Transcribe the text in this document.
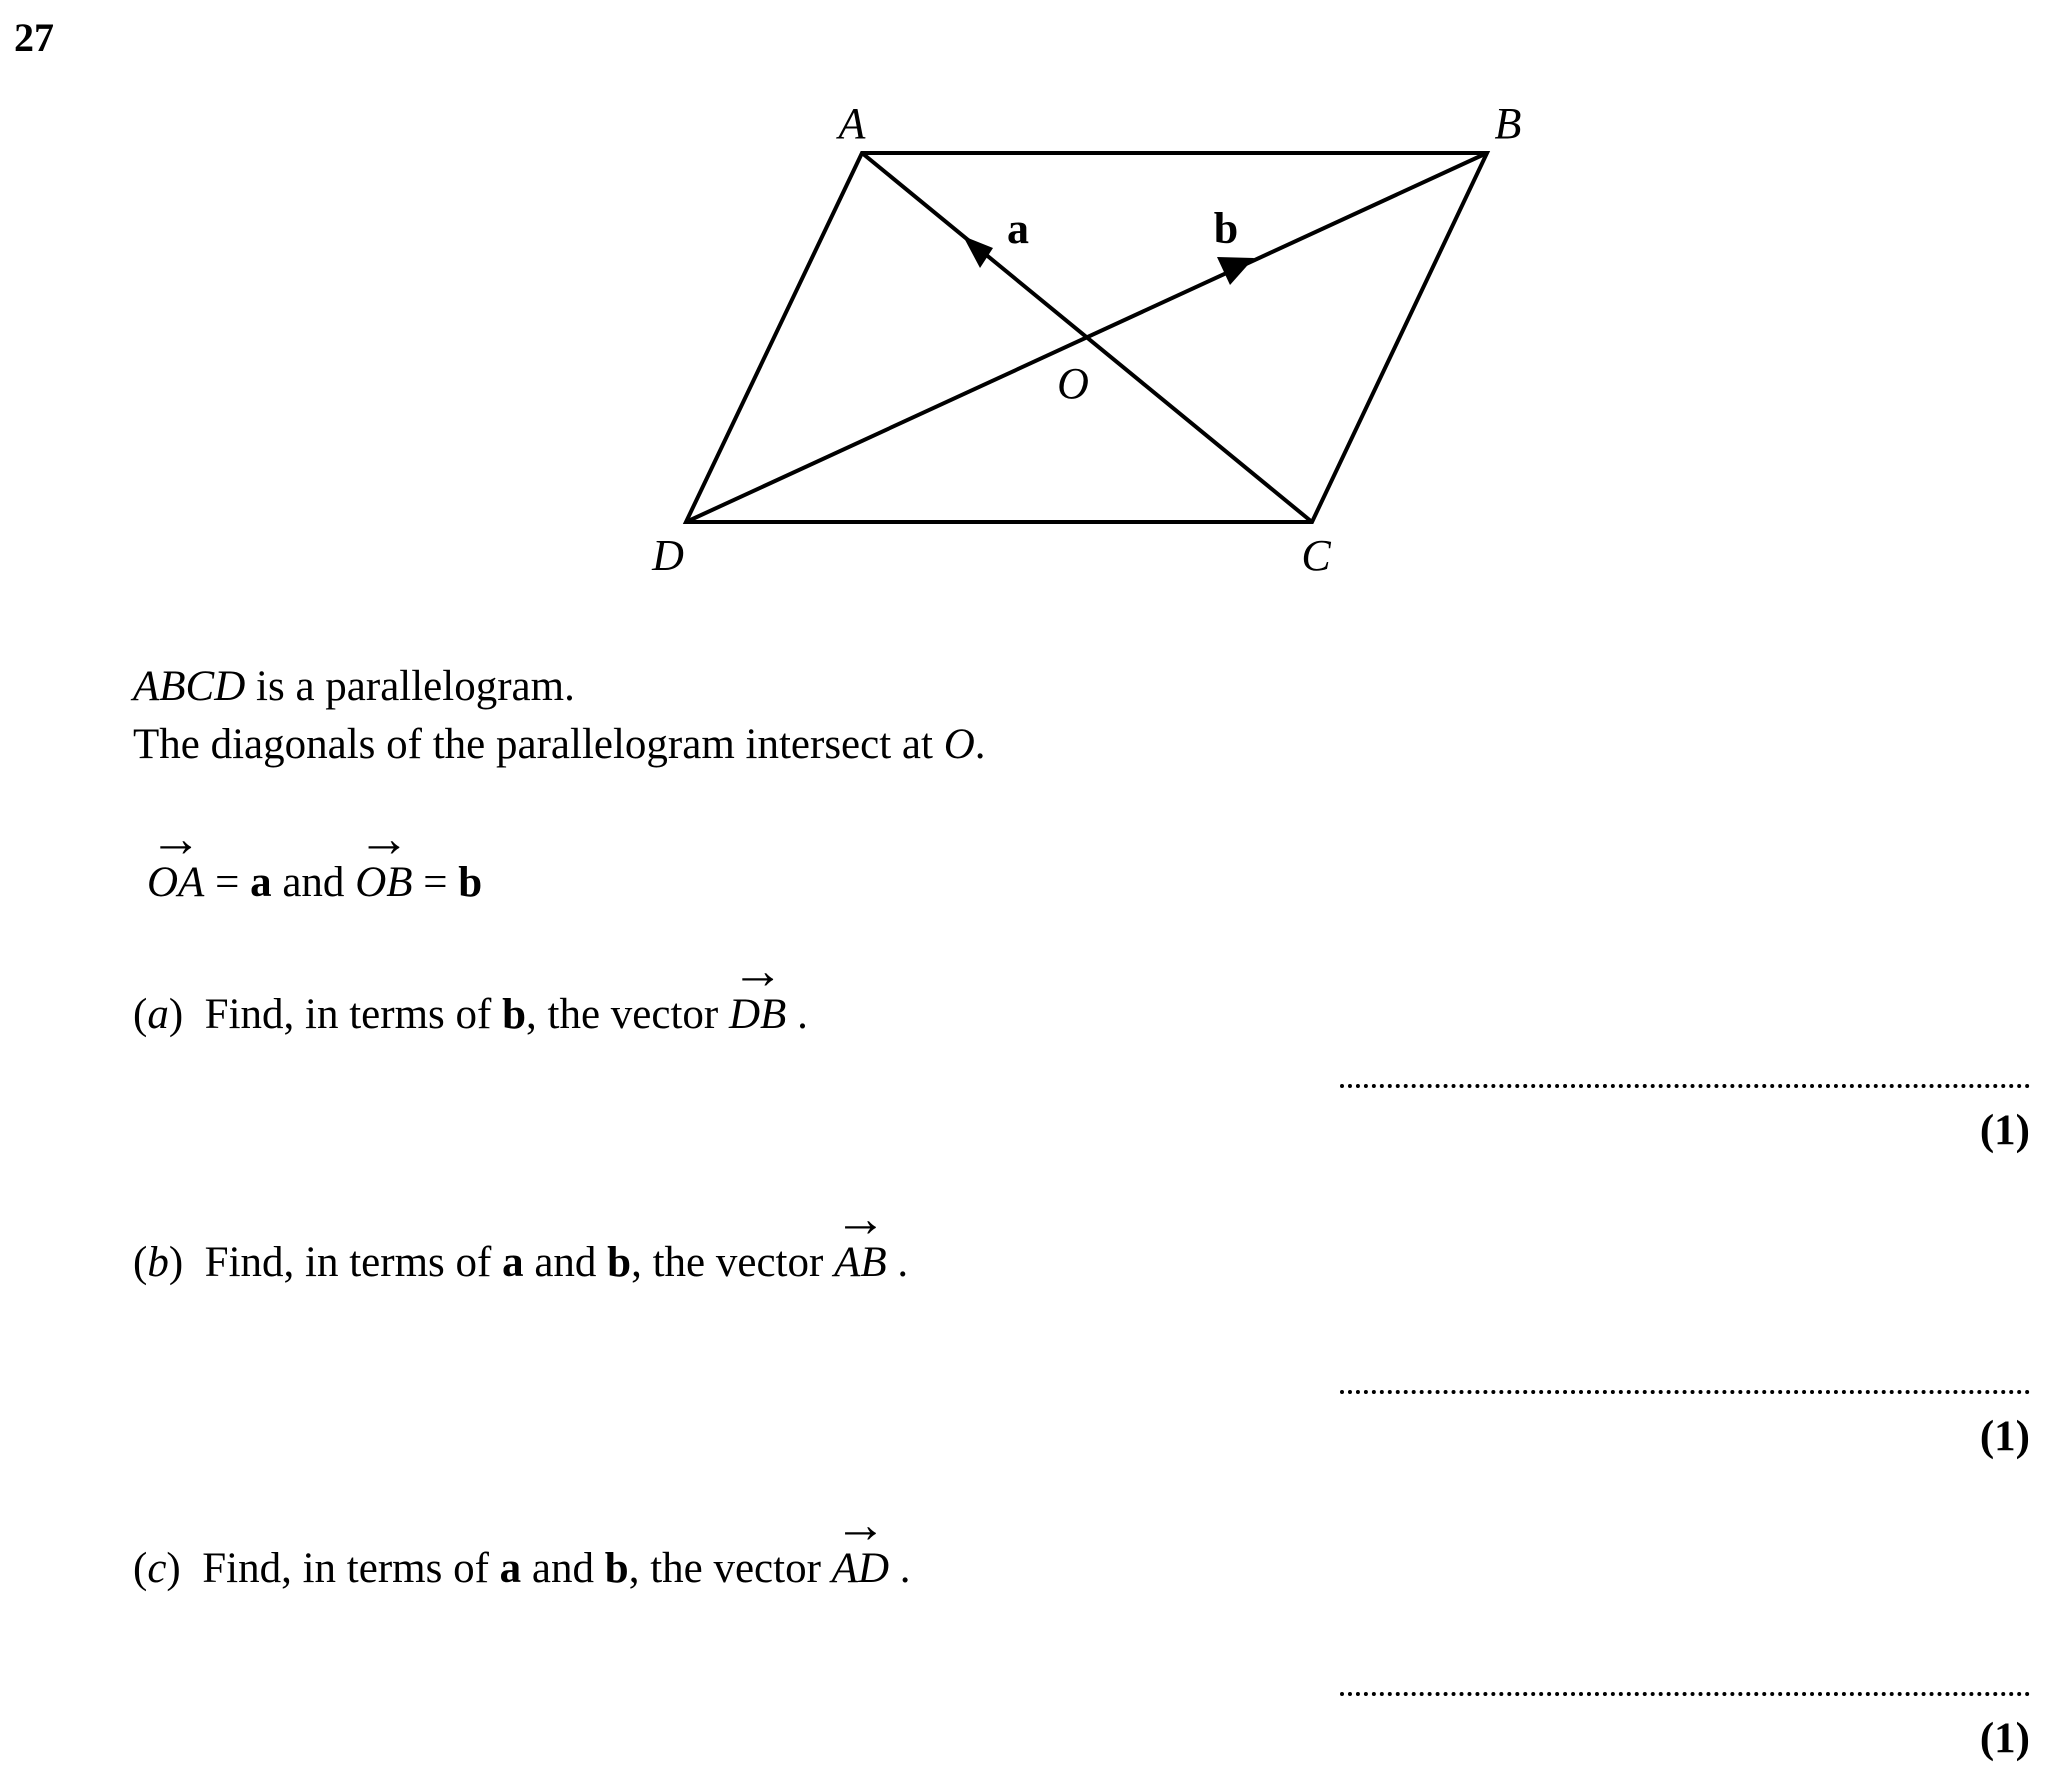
27
A	B
C
D
O
a	b
ABCD is a parallelogram.
The diagonals of the parallelogram intersect at O.
→ OA = a and → OB = b
(a) Find, in terms of b, the vector → DB .
(1)
(b) Find, in terms of a and b, the vector → AB .
(1)
(c) Find, in terms of a and b, the vector → AD .
(1)
